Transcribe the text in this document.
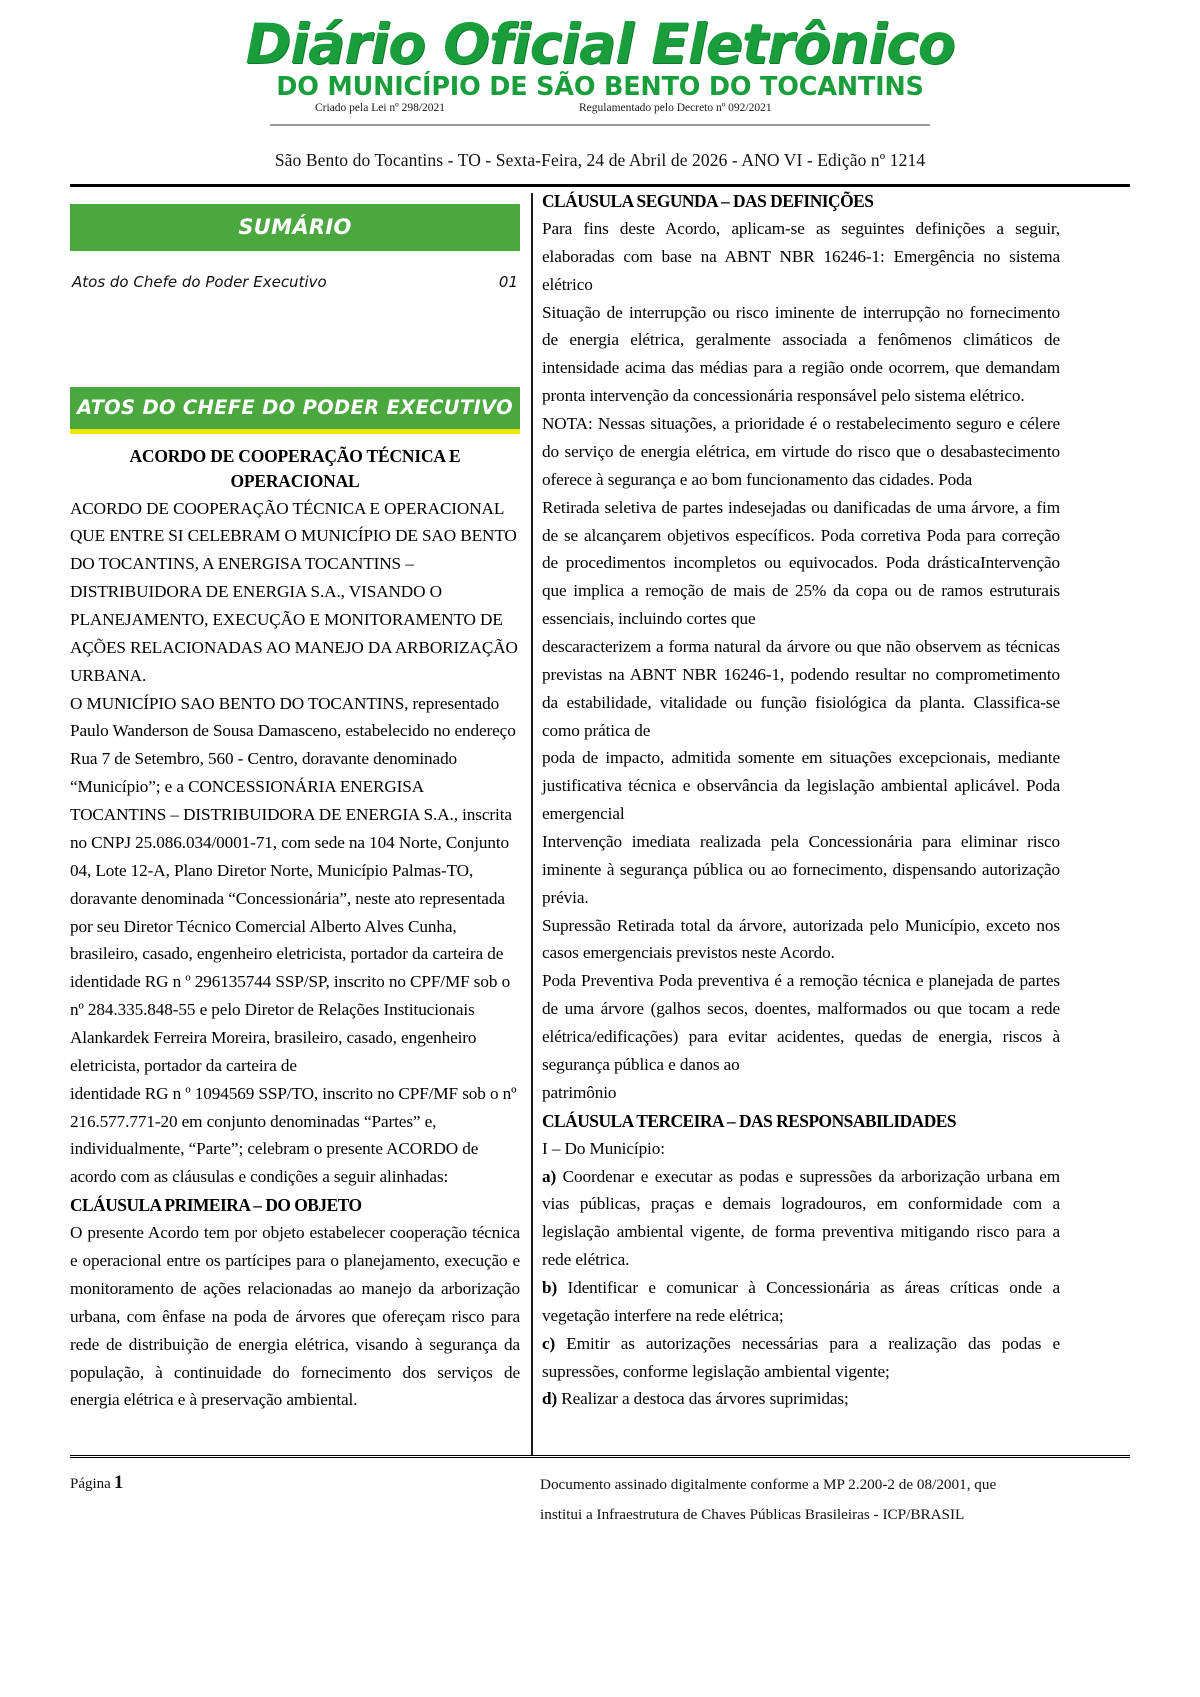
Diário Oficial Eletrônico
DO MUNICÍPIO DE SÃO BENTO DO TOCANTINS
Criado pela Lei nº 298/2021	Regulamentado pelo Decreto nº 092/2021
São Bento do Tocantins - TO - Sexta-Feira, 24 de Abril de 2026 - ANO VI - Edição nº 1214
SUMÁRIO
Atos do Chefe do Poder Executivo	01
ATOS DO CHEFE DO PODER EXECUTIVO
ACORDO DE COOPERAÇÃO TÉCNICA E
OPERACIONAL

ACORDO DE COOPERAÇÃO TÉCNICA E OPERACIONAL QUE ENTRE SI CELEBRAM O MUNICÍPIO DE SAO BENTO DO TOCANTINS, A ENERGISA TOCANTINS – DISTRIBUIDORA DE ENERGIA S.A., VISANDO O PLANEJAMENTO, EXECUÇÃO E MONITORAMENTO DE AÇÕES RELACIONADAS AO MANEJO DA ARBORIZAÇÃO URBANA.

O MUNICÍPIO SAO BENTO DO TOCANTINS, representado Paulo Wanderson de Sousa Damasceno, estabelecido no endereço Rua 7 de Setembro, 560 - Centro, doravante denominado “Município”; e a CONCESSIONÁRIA ENERGISA TOCANTINS – DISTRIBUIDORA DE ENERGIA S.A., inscrita no CNPJ 25.086.034/0001-71, com sede na 104 Norte, Conjunto 04, Lote 12-A, Plano Diretor Norte, Município Palmas-TO, doravante denominada “Concessionária”, neste ato representada por seu Diretor Técnico Comercial Alberto Alves Cunha, brasileiro, casado, engenheiro eletricista, portador da carteira de

identidade RG n º 296135744 SSP/SP, inscrito no CPF/MF sob o nº 284.335.848-55 e pelo Diretor de Relações Institucionais Alankardek Ferreira Moreira, brasileiro, casado, engenheiro eletricista, portador da carteira de

identidade RG n º 1094569 SSP/TO, inscrito no CPF/MF sob o nº 216.577.771-20 em conjunto denominadas “Partes” e, individualmente, “Parte”; celebram o presente ACORDO de acordo com as cláusulas e condições a seguir alinhadas:

CLÁUSULA PRIMEIRA – DO OBJETO

O presente Acordo tem por objeto estabelecer cooperação técnica e operacional entre os partícipes para o planejamento, execução e monitoramento de ações relacionadas ao manejo da arborização urbana, com ênfase na poda de árvores que ofereçam risco para rede de distribuição de energia elétrica, visando à segurança da população, à continuidade do fornecimento dos serviços de energia elétrica e à preservação ambiental.

CLÁUSULA SEGUNDA – DAS DEFINIÇÕES

Para fins deste Acordo, aplicam-se as seguintes definições a seguir, elaboradas com base na ABNT NBR 16246-1: Emergência no sistema elétrico

Situação de interrupção ou risco iminente de interrupção no fornecimento de energia elétrica, geralmente associada a fenômenos climáticos de intensidade acima das médias para a região onde ocorrem, que demandam pronta intervenção da concessionária responsável pelo sistema elétrico.

NOTA: Nessas situações, a prioridade é o restabelecimento seguro e célere do serviço de energia elétrica, em virtude do risco que o desabastecimento oferece à segurança e ao bom funcionamento das cidades. Poda

Retirada seletiva de partes indesejadas ou danificadas de uma árvore, a fim de se alcançarem objetivos específicos. Poda corretiva Poda para correção de procedimentos incompletos ou equivocados. Poda drásticaIntervenção que implica a remoção de mais de 25% da copa ou de ramos estruturais essenciais, incluindo cortes que

descaracterizem a forma natural da árvore ou que não observem as técnicas previstas na ABNT NBR 16246-1, podendo resultar no comprometimento da estabilidade, vitalidade ou função fisiológica da planta. Classifica-se como prática de

poda de impacto, admitida somente em situações excepcionais, mediante justificativa técnica e observância da legislação ambiental aplicável. Poda emergencial

Intervenção imediata realizada pela Concessionária para eliminar risco iminente à segurança pública ou ao fornecimento, dispensando autorização prévia.

Supressão Retirada total da árvore, autorizada pelo Município, exceto nos casos emergenciais previstos neste Acordo.

Poda Preventiva Poda preventiva é a remoção técnica e planejada de partes de uma árvore (galhos secos, doentes, malformados ou que tocam a rede elétrica/edificações) para evitar acidentes, quedas de energia, riscos à segurança pública e danos ao

patrimônio

CLÁUSULA TERCEIRA – DAS RESPONSABILIDADES

I – Do Município:

a) Coordenar e executar as podas e supressões da arborização urbana em vias públicas, praças e demais logradouros, em conformidade com a legislação ambiental vigente, de forma preventiva mitigando risco para a rede elétrica.

b) Identificar e comunicar à Concessionária as áreas críticas onde a vegetação interfere na rede elétrica;

c) Emitir as autorizações necessárias para a realização das podas e supressões, conforme legislação ambiental vigente;

d) Realizar a destoca das árvores suprimidas;

Página 1	Documento assinado digitalmente conforme a MP 2.200-2 de 08/2001, que
institui a Infraestrutura de Chaves Públicas Brasileiras - ICP/BRASIL
